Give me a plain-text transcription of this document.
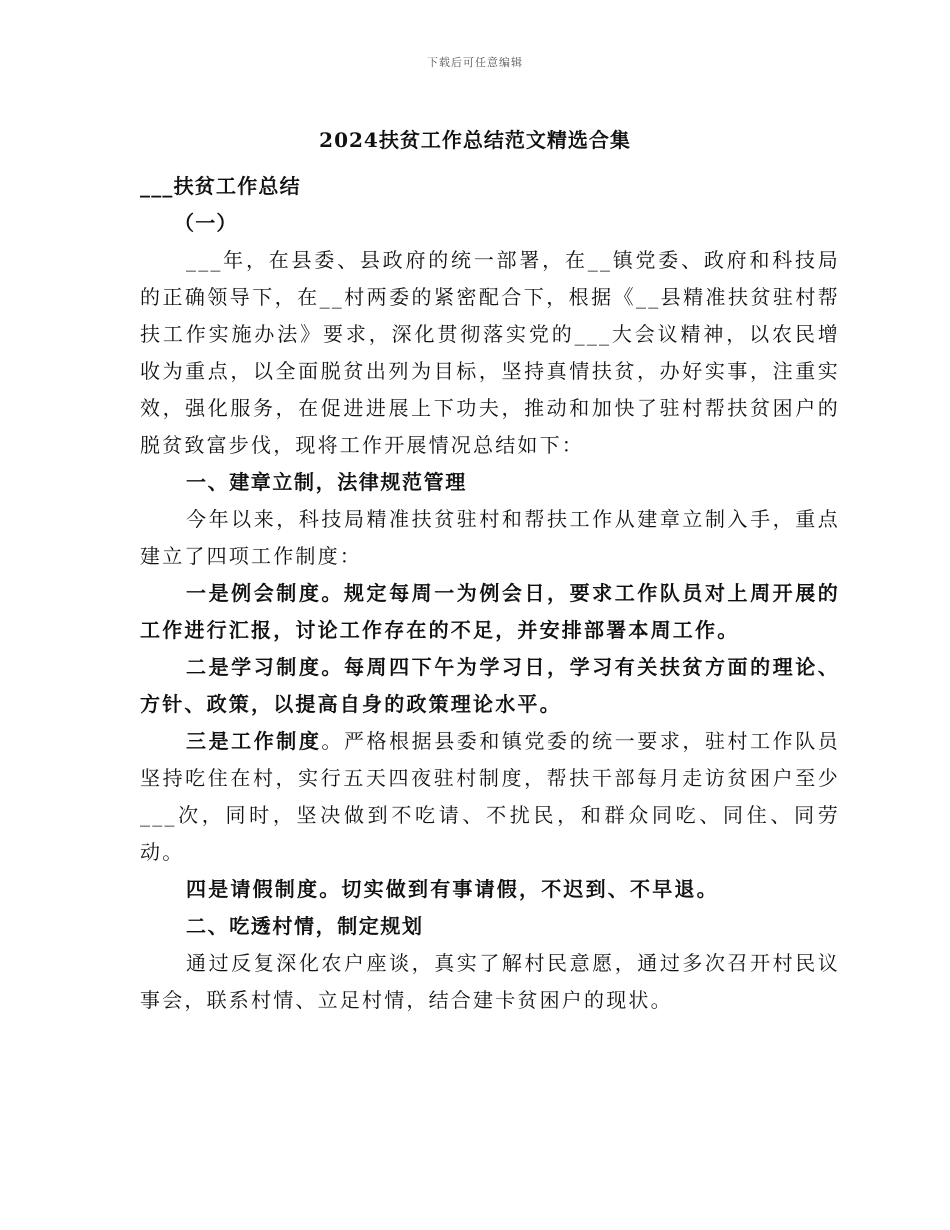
下载后可任意编辑
2024扶贫工作总结范文精选合集

___扶贫工作总结

（一）

___年，在县委、县政府的统一部署，在__镇党委、政府和科技局的正确领导下，在__村两委的紧密配合下，根据《__县精准扶贫驻村帮扶工作实施办法》要求，深化贯彻落实党的___大会议精神，以农民增收为重点，以全面脱贫出列为目标，坚持真情扶贫，办好实事，注重实效，强化服务，在促进进展上下功夫，推动和加快了驻村帮扶贫困户的脱贫致富步伐，现将工作开展情况总结如下：

一、建章立制，法律规范管理

今年以来，科技局精准扶贫驻村和帮扶工作从建章立制入手，重点建立了四项工作制度：

一是例会制度。规定每周一为例会日，要求工作队员对上周开展的工作进行汇报，讨论工作存在的不足，并安排部署本周工作。

二是学习制度。每周四下午为学习日，学习有关扶贫方面的理论、方针、政策，以提高自身的政策理论水平。

三是工作制度。严格根据县委和镇党委的统一要求，驻村工作队员坚持吃住在村，实行五天四夜驻村制度，帮扶干部每月走访贫困户至少___次，同时，坚决做到不吃请、不扰民，和群众同吃、同住、同劳动。

四是请假制度。切实做到有事请假，不迟到、不早退。

二、吃透村情，制定规划

通过反复深化农户座谈，真实了解村民意愿，通过多次召开村民议事会，联系村情、立足村情，结合建卡贫困户的现状。
